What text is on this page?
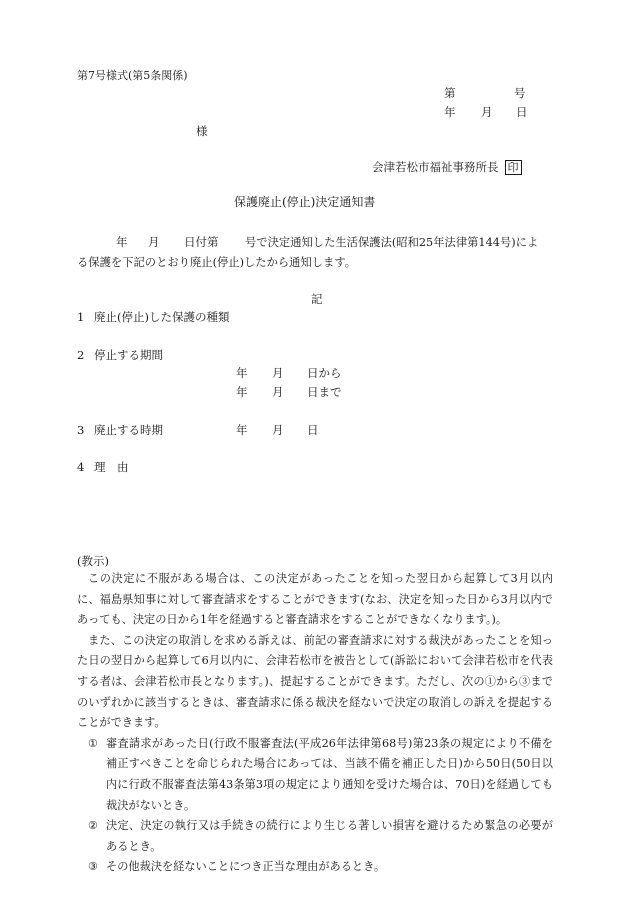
第7号様式(第5条関係)
第	号
年 月 日
様
会津若松市福祉事務所長 印
保護廃止(停止)決定通知書
年 月 日付第 号で決定通知した生活保護法(昭和25年法律第144号)によ
る保護を下記のとおり廃止(停止)したから通知します。
記
1 廃止(停止)した保護の種類
2 停止する期間
年 月 日から
年 月 日まで
3 廃止する時期	年 月 日
4 理　由
(教示)

この決定に不服がある場合は、この決定があったことを知った翌日から起算して3月以内に、福島県知事に対して審査請求をすることができます(なお、決定を知った日から3月以内であっても、決定の日から1年を経過すると審査請求をすることができなくなります。)。

また、この決定の取消しを求める訴えは、前記の審査請求に対する裁決があったことを知った日の翌日から起算して6月以内に、会津若松市を被告として(訴訟において会津若松市を代表する者は、会津若松市長となります。)、提起することができます。ただし、次の①から③までのいずれかに該当するときは、審査請求に係る裁決を経ないで決定の取消しの訴えを提起することができます。

① 審査請求があった日(行政不服審査法(平成26年法律第68号)第23条の規定により不備を補正すべきことを命じられた場合にあっては、当該不備を補正した日)から50日(50日以内に行政不服審査法第43条第3項の規定により通知を受けた場合は、70日)を経過しても裁決がないとき。
② 決定、決定の執行又は手続きの続行により生じる著しい損害を避けるため緊急の必要があるとき。
③ その他裁決を経ないことにつき正当な理由があるとき。
